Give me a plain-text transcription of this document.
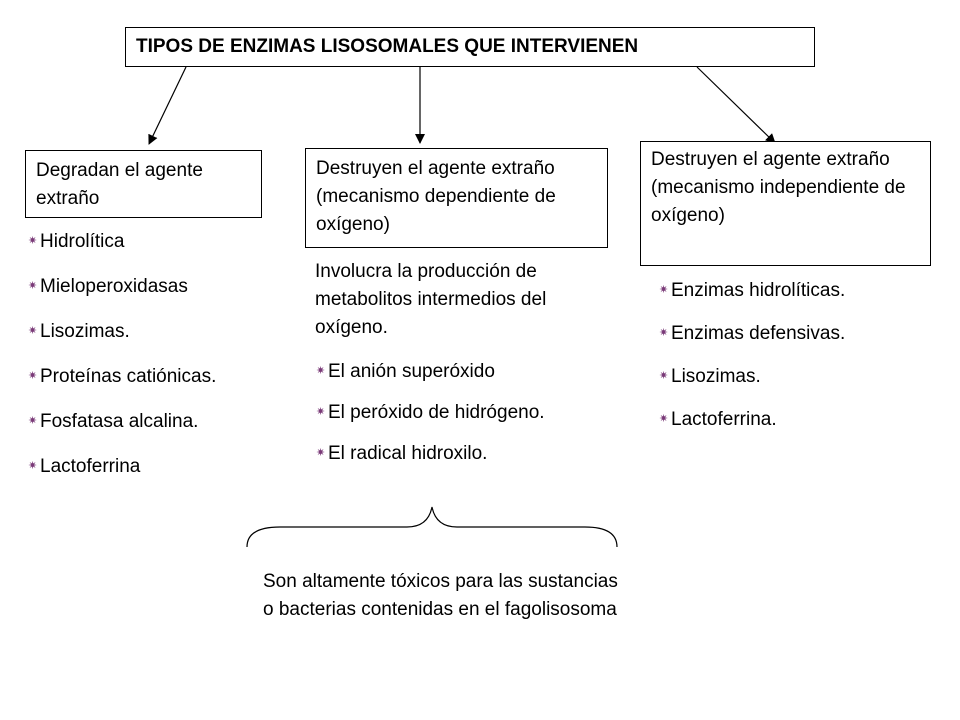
TIPOS DE ENZIMAS LISOSOMALES QUE INTERVIENEN
Degradan el agente extraño
Destruyen el agente extraño (mecanismo dependiente de oxígeno)
Destruyen el agente extraño (mecanismo independiente de oxígeno)
✷ Hidrolítica
✷ Mieloperoxidasas
✷ Lisozimas.
✷ Proteínas catiónicas.
✷ Fosfatasa alcalina.
✷ Lactoferrina
Involucra la producción de metabolitos intermedios del oxígeno.
✷ El anión superóxido
✷ El peróxido de hidrógeno.
✷ El radical hidroxilo.
✷ Enzimas hidrolíticas.
✷ Enzimas defensivas.
✷ Lisozimas.
✷ Lactoferrina.
Son altamente tóxicos para las sustancias o bacterias contenidas en el fagolisosoma
